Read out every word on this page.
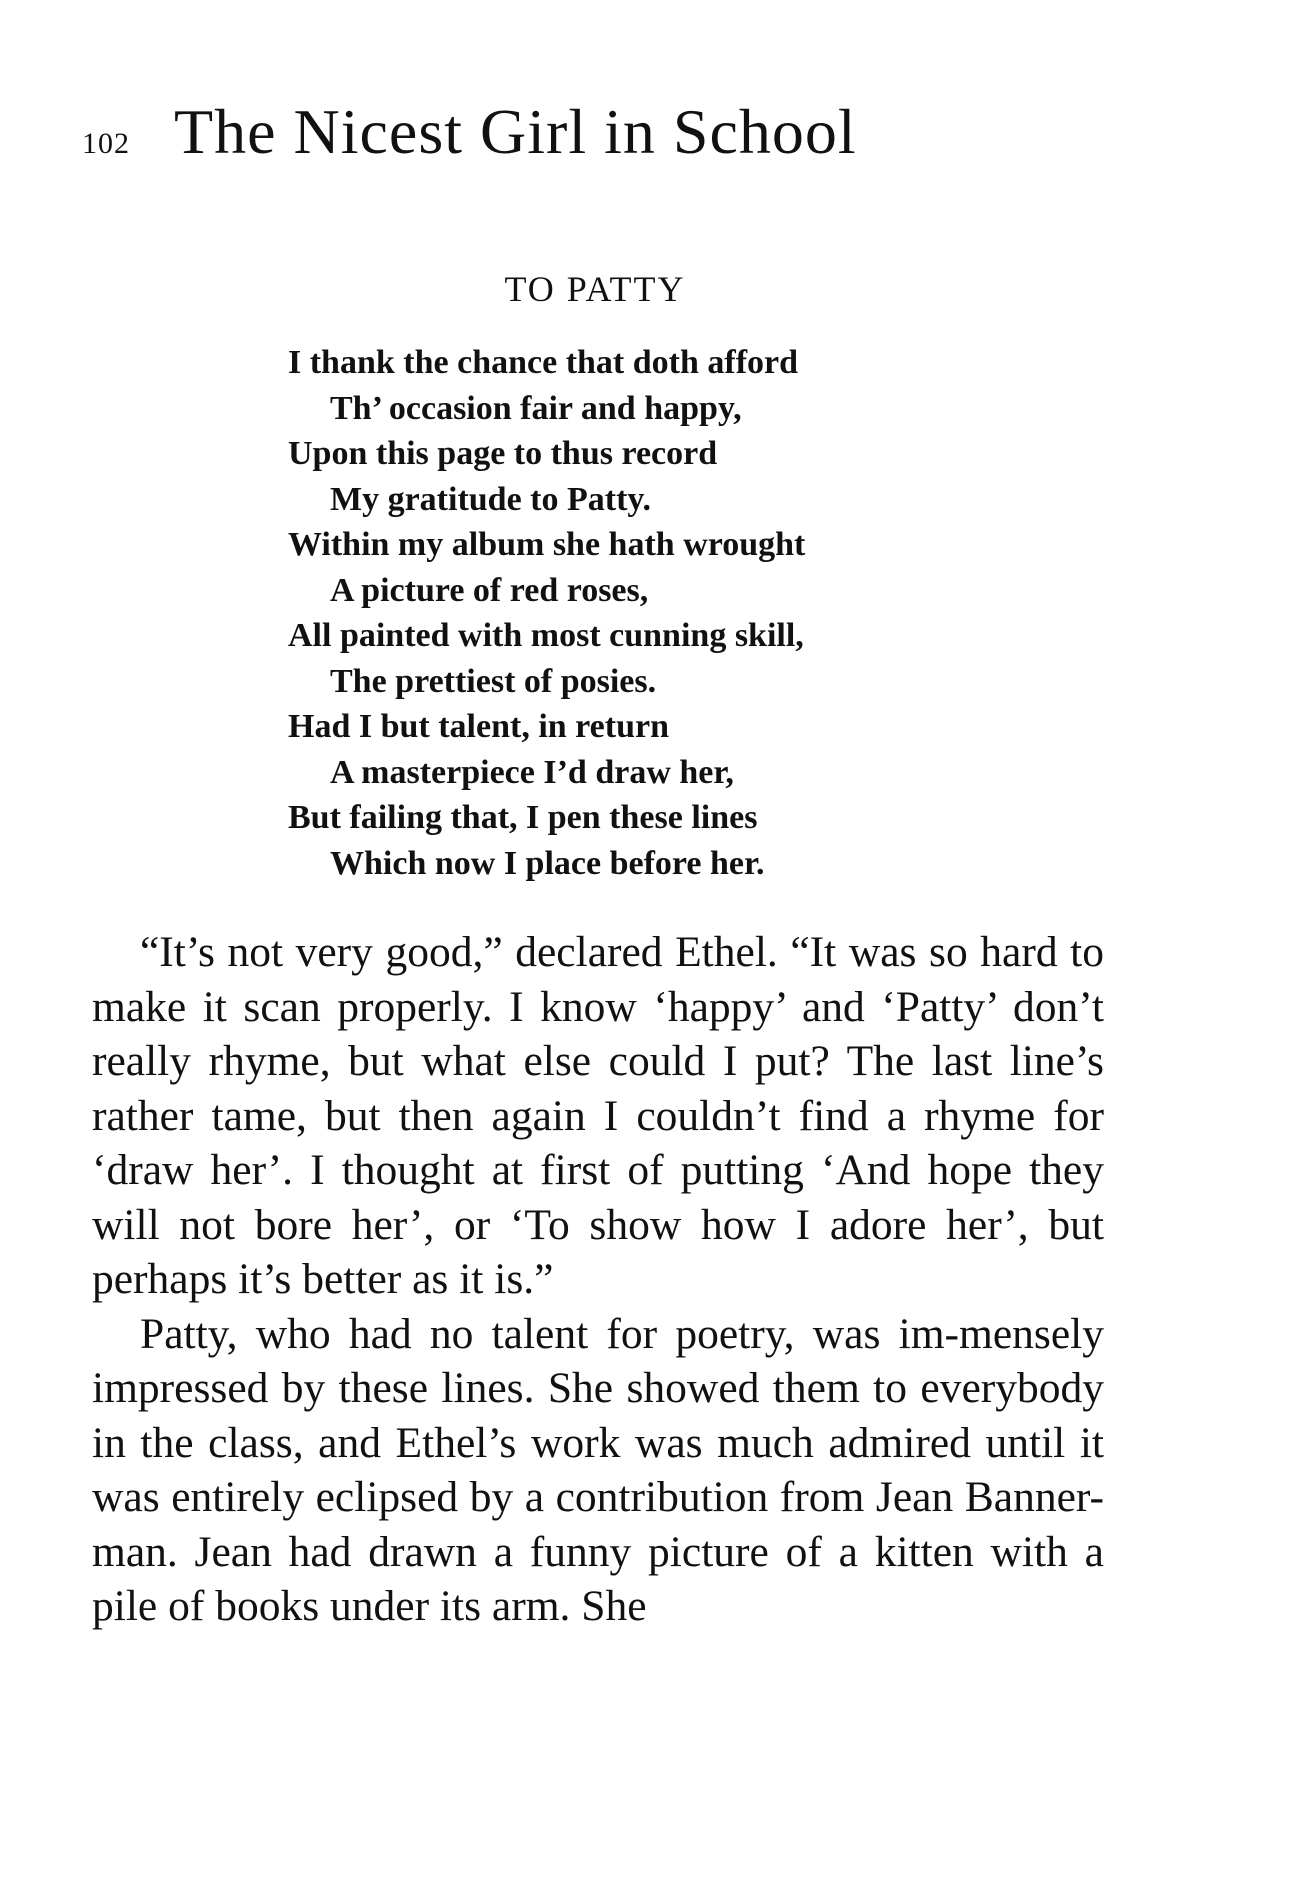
102 The Nicest Girl in School
TO PATTY
I thank the chance that doth afford
Th’ occasion fair and happy,
Upon this page to thus record
My gratitude to Patty.
Within my album she hath wrought
A picture of red roses,
All painted with most cunning skill,
The prettiest of posies.
Had I but talent, in return
A masterpiece I’d draw her,
But failing that, I pen these lines
Which now I place before her.

“It’s not very good,” declared Ethel. “It was so hard to make it scan properly. I know ‘happy’ and ‘Patty’ don’t really rhyme, but what else could I put? The last line’s rather tame, but then again I couldn’t find a rhyme for ‘draw her’. I thought at first of putting ‘And hope they will not bore her’, or ‘To show how I adore her’, but perhaps it’s better as it is.”

Patty, who had no talent for poetry, was im-mensely impressed by these lines. She showed them to everybody in the class, and Ethel’s work was much admired until it was entirely eclipsed by a contribution from Jean Banner-man. Jean had drawn a funny picture of a kitten with a pile of books under its arm. She
